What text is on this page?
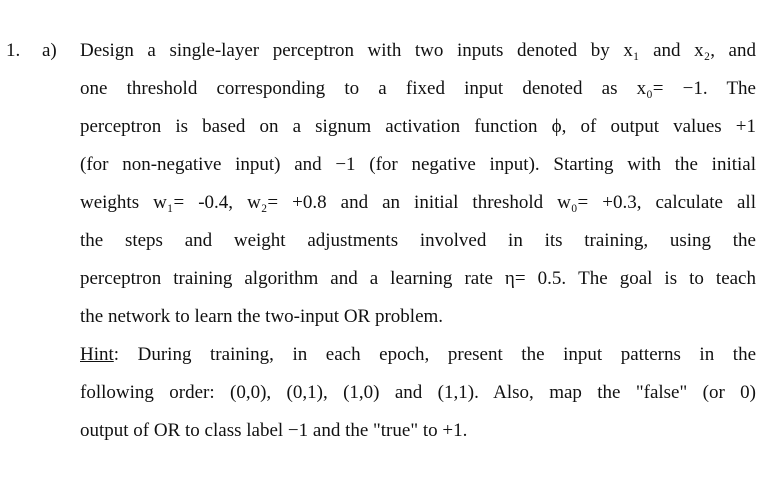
1. a) Design a single-layer perceptron with two inputs denoted by x₁ and x₂, and
one threshold corresponding to a fixed input denoted as x₀= −1. The
perceptron is based on a signum activation function ϕ, of output values +1
(for non-negative input) and −1 (for negative input). Starting with the initial
weights w₁= -0.4, w₂= +0.8 and an initial threshold w₀= +0.3, calculate all
the steps and weight adjustments involved in its training, using the
perceptron training algorithm and a learning rate η= 0.5. The goal is to teach
the network to learn the two-input OR problem.
Hint: During training, in each epoch, present the input patterns in the
following order: (0,0), (0,1), (1,0) and (1,1). Also, map the "false" (or 0)
output of OR to class label −1 and the "true" to +1.
